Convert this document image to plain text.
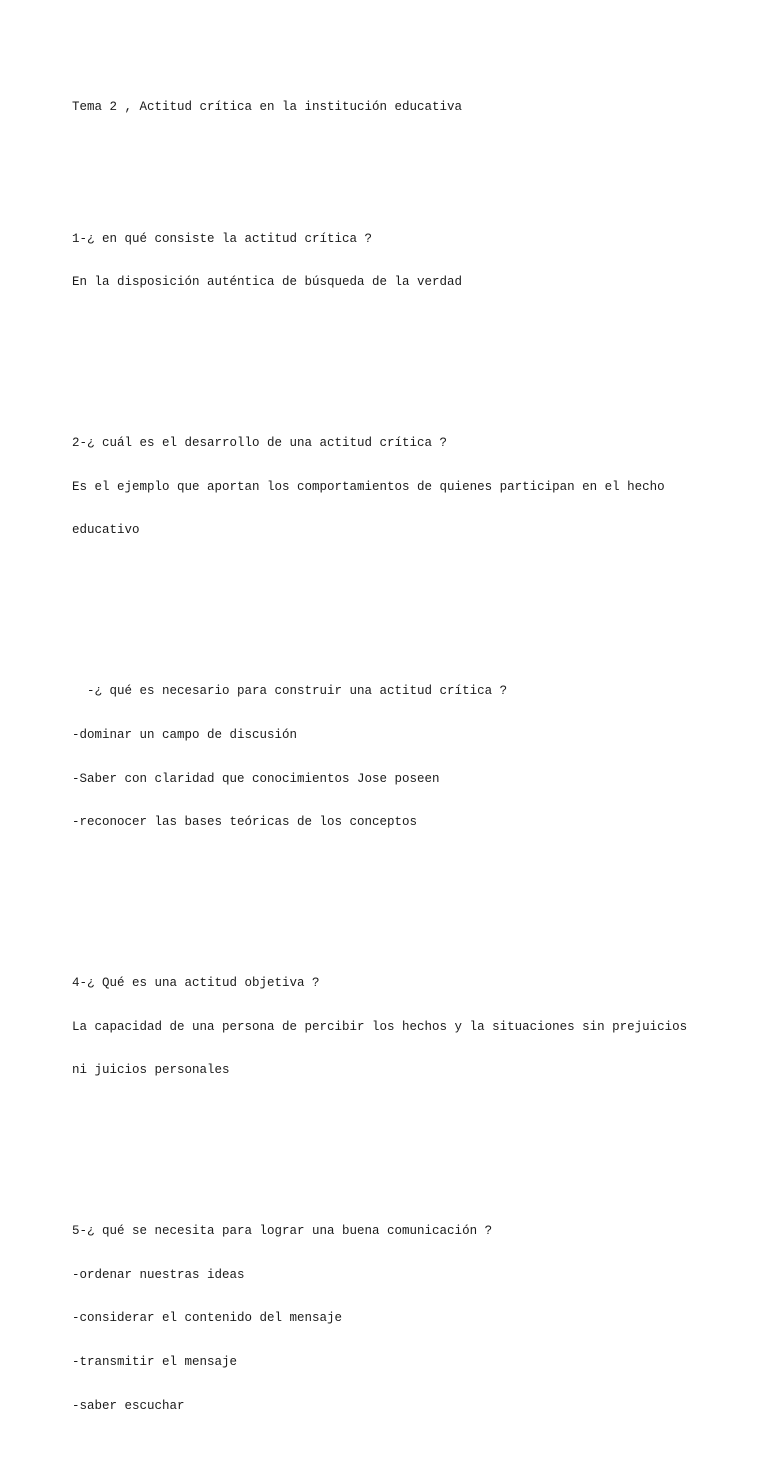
Tema 2 , Actitud crítica en la institución educativa

1-¿ en qué consiste la actitud crítica ?

En la disposición auténtica de búsqueda de la verdad

2-¿ cuál es el desarrollo de una actitud crítica ?

Es el ejemplo que aportan los comportamientos de quienes participan en el hecho

educativo

-¿ qué es necesario para construir una actitud crítica ?

-dominar un campo de discusión

-Saber con claridad que conocimientos Jose poseen

-reconocer las bases teóricas de los conceptos

4-¿ Qué es una actitud objetiva ?

La capacidad de una persona de percibir los hechos y la situaciones sin prejuicios

ni juicios personales

5-¿ qué se necesita para lograr una buena comunicación ?

-ordenar nuestras ideas

-considerar el contenido del mensaje

-transmitir el mensaje

-saber escuchar
